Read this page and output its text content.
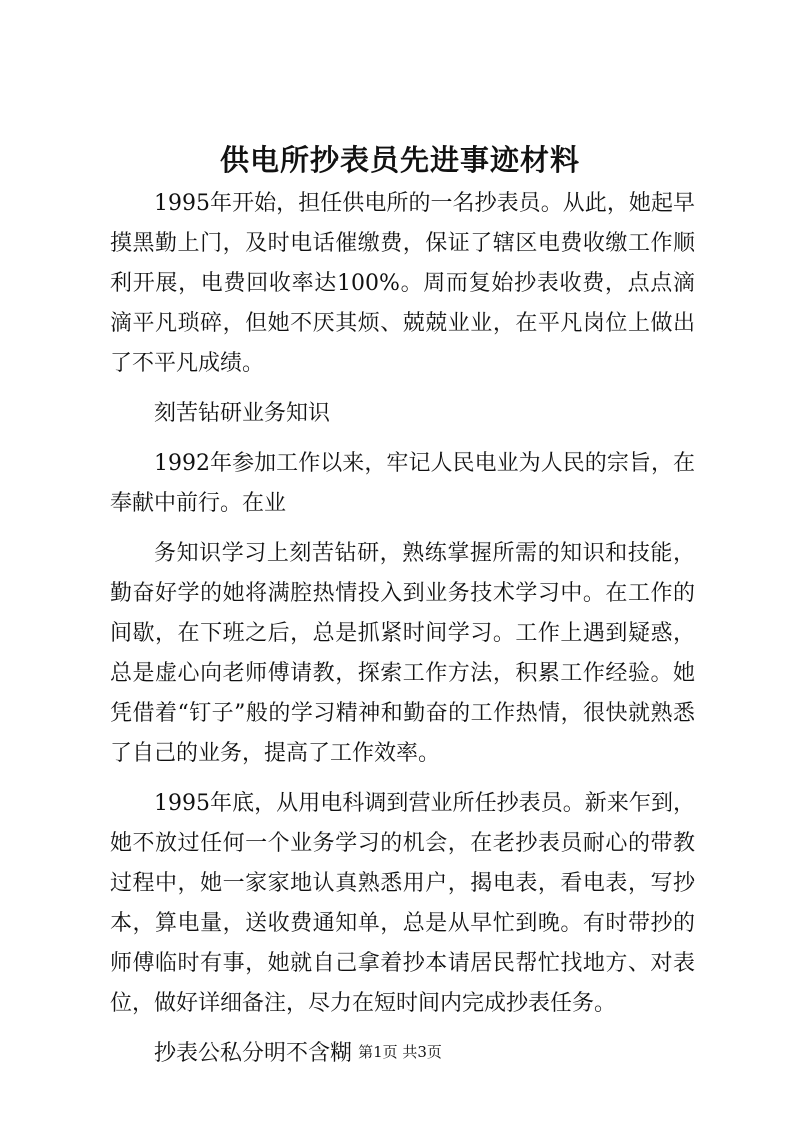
供电所抄表员先进事迹材料

1995年开始，担任供电所的一名抄表员。从此，她起早摸黑勤上门，及时电话催缴费，保证了辖区电费收缴工作顺利开展，电费回收率达100%。周而复始抄表收费，点点滴滴平凡琐碎，但她不厌其烦、兢兢业业，在平凡岗位上做出了不平凡成绩。

刻苦钻研业务知识

1992年参加工作以来，牢记人民电业为人民的宗旨，在奉献中前行。在业

务知识学习上刻苦钻研，熟练掌握所需的知识和技能，勤奋好学的她将满腔热情投入到业务技术学习中。在工作的间歇，在下班之后，总是抓紧时间学习。工作上遇到疑惑，总是虚心向老师傅请教，探索工作方法，积累工作经验。她凭借着“钉子”般的学习精神和勤奋的工作热情，很快就熟悉了自己的业务，提高了工作效率。

1995年底，从用电科调到营业所任抄表员。新来乍到，她不放过任何一个业务学习的机会，在老抄表员耐心的带教过程中，她一家家地认真熟悉用户，揭电表，看电表，写抄本，算电量，送收费通知单，总是从早忙到晚。有时带抄的师傅临时有事，她就自己拿着抄本请居民帮忙找地方、对表位，做好详细备注，尽力在短时间内完成抄表任务。

抄表公私分明不含糊 第1页 共3页
